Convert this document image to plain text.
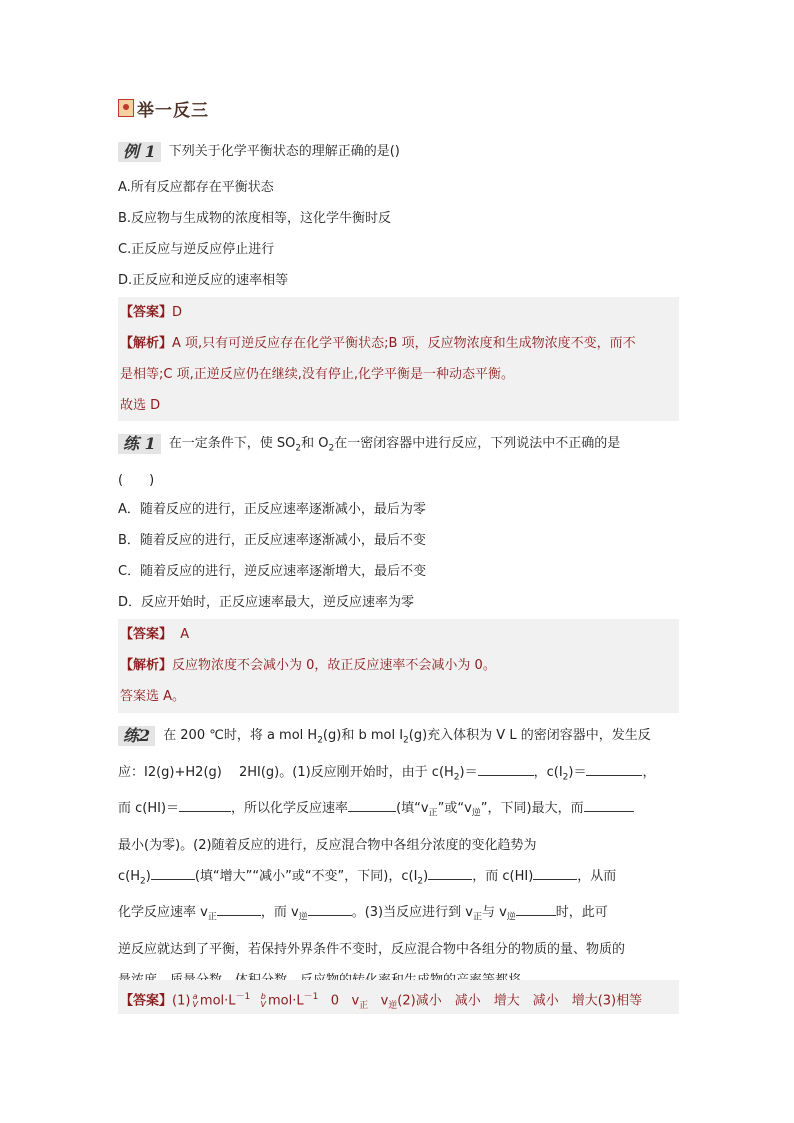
举一反三
例 1 下列关于化学平衡状态的理解正确的是()
A.所有反应都存在平衡状态
B.反应物与生成物的浓度相等，这化学牛衡时反
C.正反应与逆反应停止进行
D.正反应和逆反应的速率相等
【答案】D
【解析】A 项,只有可逆反应存在化学平衡状态;B 项，反应物浓度和生成物浓度不变，而不
是相等;C 项,正逆反应仍在继续,没有停止,化学平衡是一种动态平衡。
故选 D
练 1 在一定条件下，使 $SO_2$和 $O_2$在一密闭容器中进行反应，下列说法中不正确的是
(　　)
A．随着反应的进行，正反应速率逐渐减小，最后为零
B．随着反应的进行，正反应速率逐渐减小，最后不变
C．随着反应的进行，逆反应速率逐渐增大，最后不变
D．反应开始时，正反应速率最大，逆反应速率为零
【答案】 A
【解析】反应物浓度不会减小为 0，故正反应速率不会减小为 0。
答案选 A。
练2 在 200 ℃时，将 a mol $H_2(g)$和 b mol $I_2(g)$充入体积为 V L 的密闭容器中，发生反
应：I2(g)+H2(g)　 2HI(g)。(1)反应刚开始时，由于 $c(H_2)=$	，$c(I_2)=$	，
而 c(HI)＝	，所以化学反应速率	(填“$v_正$”或“$v_逆$”，下同)最大，而
最小(为零)。(2)随着反应的进行，反应混合物中各组分浓度的变化趋势为
$c(H_2)$	(填“增大”“减小”或“不变”，下同)，$c(I_2)$	，而 c(HI)	，从而
化学反应速率 $v_正$	，而 $v_逆$	。(3)当反应进行到 $v_正$与 $v_逆$	时，此可
逆反应就达到了平衡，若保持外界条件不变时，反应混合物中各组分的物质的量、物质的
【答案】(1) a
V $mol\cdot L^{-1}$ b
V $mol\cdot L^{-1}$ 0 $v_正$ $v_逆(2)$减小　减小　增大　减小　增大(3)相等
